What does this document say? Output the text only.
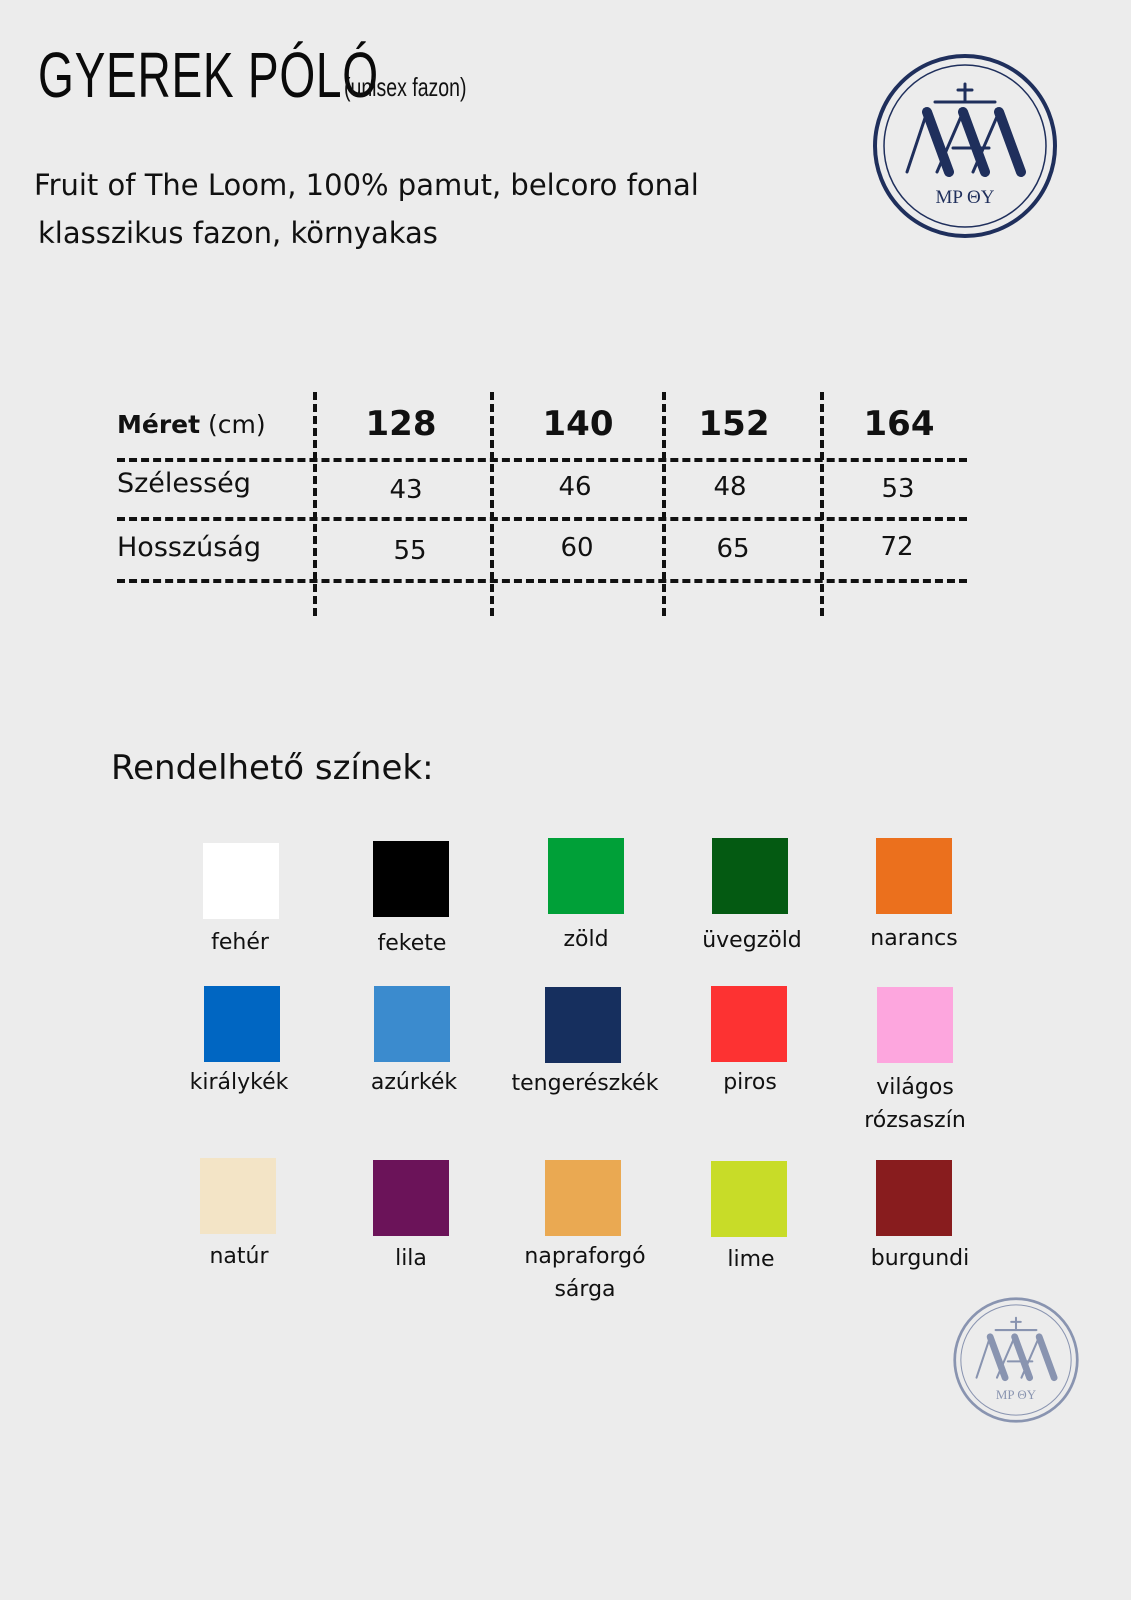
GYEREK PÓLÓ
(unisex fazon)
Fruit of The Loom, 100% pamut, belcoro fonal
klasszikus fazon, környakas
MP ΘY
MP ΘY
Méret (cm)	128	140	152	164
Szélesség	43	46	48	53
Hosszúság	55	60	65	72
Rendelhető színek:
fehér	fekete	zöld	üvegzöld	narancs
királykék	azúrkék	tengerészkék	piros	világos
rózsaszín
natúr	lila	napraforgó
sárga
lime	burgundi
